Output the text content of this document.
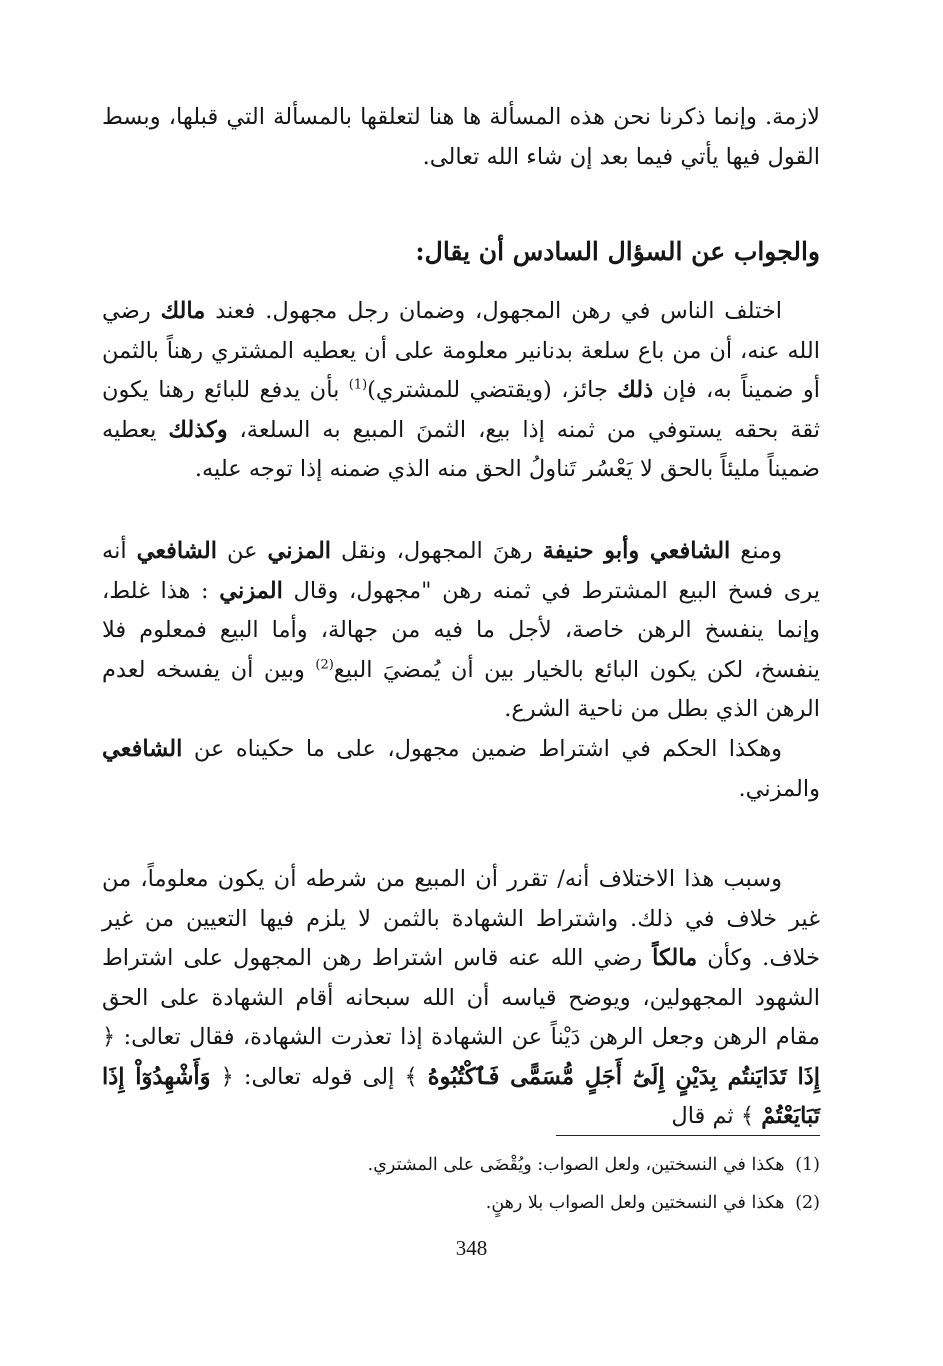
لازمة. وإنما ذكرنا نحن هذه المسألة ها هنا لتعلقها بالمسألة التي قبلها، وبسط القول فيها يأتي فيما بعد إن شاء الله تعالى.

والجواب عن السؤال السادس أن يقال:

اختلف الناس في رهن المجهول، وضمان رجل مجهول. فعند مالك رضي الله عنه، أن من باع سلعة بدنانير معلومة على أن يعطيه المشتري رهناً بالثمن أو ضميناً به، فإن ذلك جائز، (ويقتضي للمشتري)$^{(1)}$ بأن يدفع للبائع رهنا يكون ثقة بحقه يستوفي من ثمنه إذا بيع، الثمنَ المبيع به السلعة، وكذلك يعطيه ضميناً مليئاً بالحق لا يَعْسُر تَناولُ الحق منه الذي ضمنه إذا توجه عليه.

ومنع الشافعي وأبو حنيفة رهنَ المجهول، ونقل المزني عن الشافعي أنه يرى فسخ البيع المشترط في ثمنه رهن "مجهول، وقال المزني : هذا غلط، وإنما ينفسخ الرهن خاصة، لأجل ما فيه من جهالة، وأما البيع فمعلوم فلا ينفسخ، لكن يكون البائع بالخيار بين أن يُمضيَ البيع$^{(2)}$ وبين أن يفسخه لعدم الرهن الذي بطل من ناحية الشرع.

وهكذا الحكم في اشتراط ضمين مجهول، على ما حكيناه عن الشافعي والمزني.

وسبب هذا الاختلاف أنه/ تقرر أن المبيع من شرطه أن يكون معلوماً، من غير خلاف في ذلك. واشتراط الشهادة بالثمن لا يلزم فيها التعيين من غير خلاف. وكأن مالكاً رضي الله عنه قاس اشتراط رهن المجهول على اشتراط الشهود المجهولين، ويوضح قياسه أن الله سبحانه أقام الشهادة على الحق مقام الرهن وجعل الرهن دَيْناً عن الشهادة إذا تعذرت الشهادة، فقال تعالى: ﴿ إِذَا تَدَايَنتُم بِدَيْنٍ إِلَىٰٓ أَجَلٍ مُّسَمًّى فَٱكْتُبُوهُ ﴾ إلى قوله تعالى: ﴿ وَأَشْهِدُوٓاْ إِذَا تَبَايَعْتُمْ ﴾ ثم قال

(1) هكذا في النسختين، ولعل الصواب: ويُقْضَى على المشتري.
(2) هكذا في النسختين ولعل الصواب بلا رهنٍ.
348
